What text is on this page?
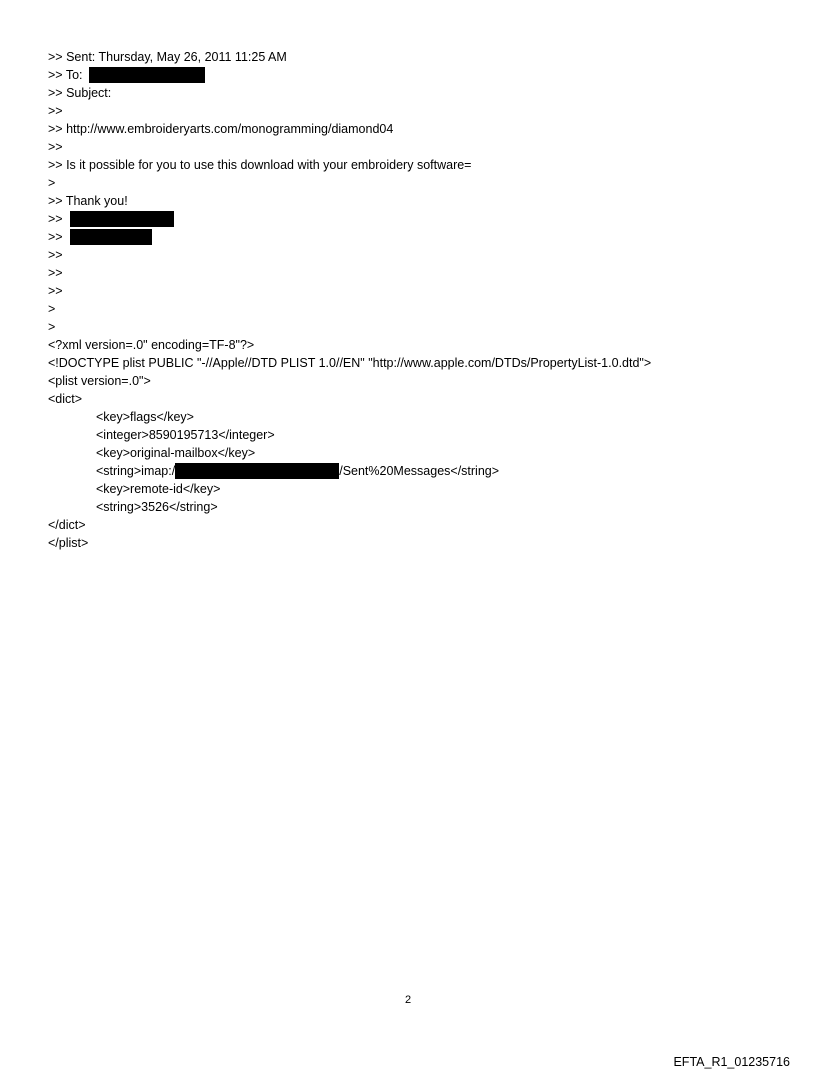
>> Sent: Thursday, May 26, 2011 11:25 AM
>> To:
>> Subject:
>>
>> http://www.embroideryarts.com/monogramming/diamond04
>>
>> Is it possible for you to use this download with your embroidery software=
>
>> Thank you!
>>
>>
>>
>>
>>
>
>
<?xml version=.0" encoding=TF-8"?>
<!DOCTYPE plist PUBLIC "-//Apple//DTD PLIST 1.0//EN" "http://www.apple.com/DTDs/PropertyList-1.0.dtd">
<plist version=.0">
<dict>
<key>flags</key>
<integer>8590195713</integer>
<key>original-mailbox</key>
<string>imap:/	/Sent%20Messages</string>
<key>remote-id</key>
<string>3526</string>
</dict>
</plist>
2
EFTA_R1_01235716
